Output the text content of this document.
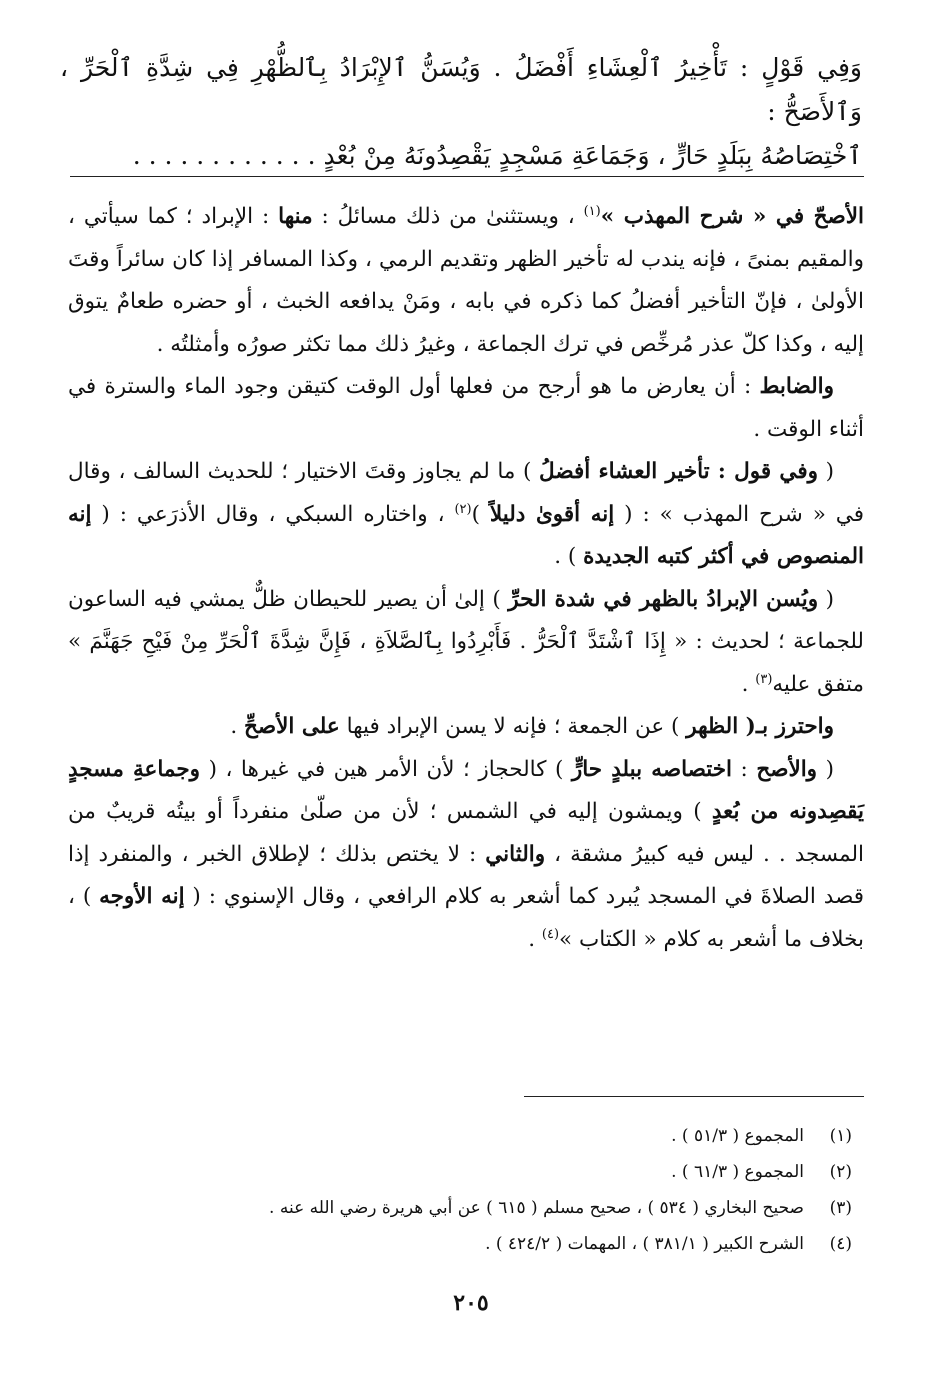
وَفِي قَوْلٍ : تَأْخِيرُ ٱلْعِشَاءِ أَفْضَلُ . وَيُسَنُّ ٱلإِبْرَادُ بِٱلظُّهْرِ فِي شِدَّةِ ٱلْحَرِّ ، وَٱلأَصَحُّ :

ٱخْتِصَاصُهُ بِبَلَدٍ حَارٍّ ، وَجَمَاعَةِ مَسْجِدٍ يَقْصِدُونَهُ مِنْ بُعْدٍ . . . . . . . . . . . .

الأصحّ في « شرح المهذب »$^{(١)}$ ، ويستثنىٰ من ذلك مسائلُ : منها : الإبراد ؛ كما سيأتي ، والمقيم بمنىً ، فإنه يندب له تأخير الظهر وتقديم الرمي ، وكذا المسافر إذا كان سائراً وقتَ الأولىٰ ، فإنّ التأخير أفضلُ كما ذكره في بابه ، ومَنْ يدافعه الخبث ، أو حضره طعامٌ يتوق إليه ، وكذا كلّ عذر مُرخِّص في ترك الجماعة ، وغيرُ ذلك مما تكثر صورُه وأمثلتُه .

والضابط : أن يعارض ما هو أرجح من فعلها أول الوقت كتيقن وجود الماء والسترة في أثناء الوقت .

( وفي قول : تأخير العشاء أفضلُ ) ما لم يجاوز وقتَ الاختيار ؛ للحديث السالف ، وقال في « شرح المهذب » : ( إنه أقوىٰ دليلاً )$^{(٢)}$ ، واختاره السبكي ، وقال الأذرَعي : ( إنه المنصوص في أكثر كتبه الجديدة ) .

( ويُسن الإبرادُ بالظهر في شدة الحرِّ ) إلىٰ أن يصير للحيطان ظلٌّ يمشي فيه الساعون للجماعة ؛ لحديث : « إِذَا ٱشْتَدَّ ٱلْحَرُّ . فَأَبْرِدُوا بِٱلصَّلاَةِ ، فَإِنَّ شِدَّةَ ٱلْحَرِّ مِنْ فَيْحِ جَهَنَّمَ » متفق عليه$^{(٣)}$ .

واحترز بـ( الظهر ) عن الجمعة ؛ فإنه لا يسن الإبراد فيها على الأصحِّ .

( والأصح : اختصاصه ببلدٍ حارٍّ ) كالحجاز ؛ لأن الأمر هين في غيرها ، ( وجماعةِ مسجدٍ يَقصِدونه من بُعدٍ ) ويمشون إليه في الشمس ؛ لأن من صلّىٰ منفرداً أو بيتُه قريبٌ من المسجد . . ليس فيه كبيرُ مشقة ، والثاني : لا يختص بذلك ؛ لإطلاق الخبر ، والمنفرد إذا قصد الصلاةَ في المسجد يُبرد كما أشعر به كلام الرافعي ، وقال الإسنوي : ( إنه الأوجه ) ، بخلاف ما أشعر به كلام « الكتاب »$^{(٤)}$ .

(١)
المجموع ( ٥١/٣ ) .
(٢)
المجموع ( ٦١/٣ ) .
(٣)
صحيح البخاري ( ٥٣٤ ) ، صحيح مسلم ( ٦١٥ ) عن أبي هريرة رضي الله عنه .
(٤)
الشرح الكبير ( ٣٨١/١ ) ، المهمات ( ٤٢٤/٢ ) .
٢٠٥
